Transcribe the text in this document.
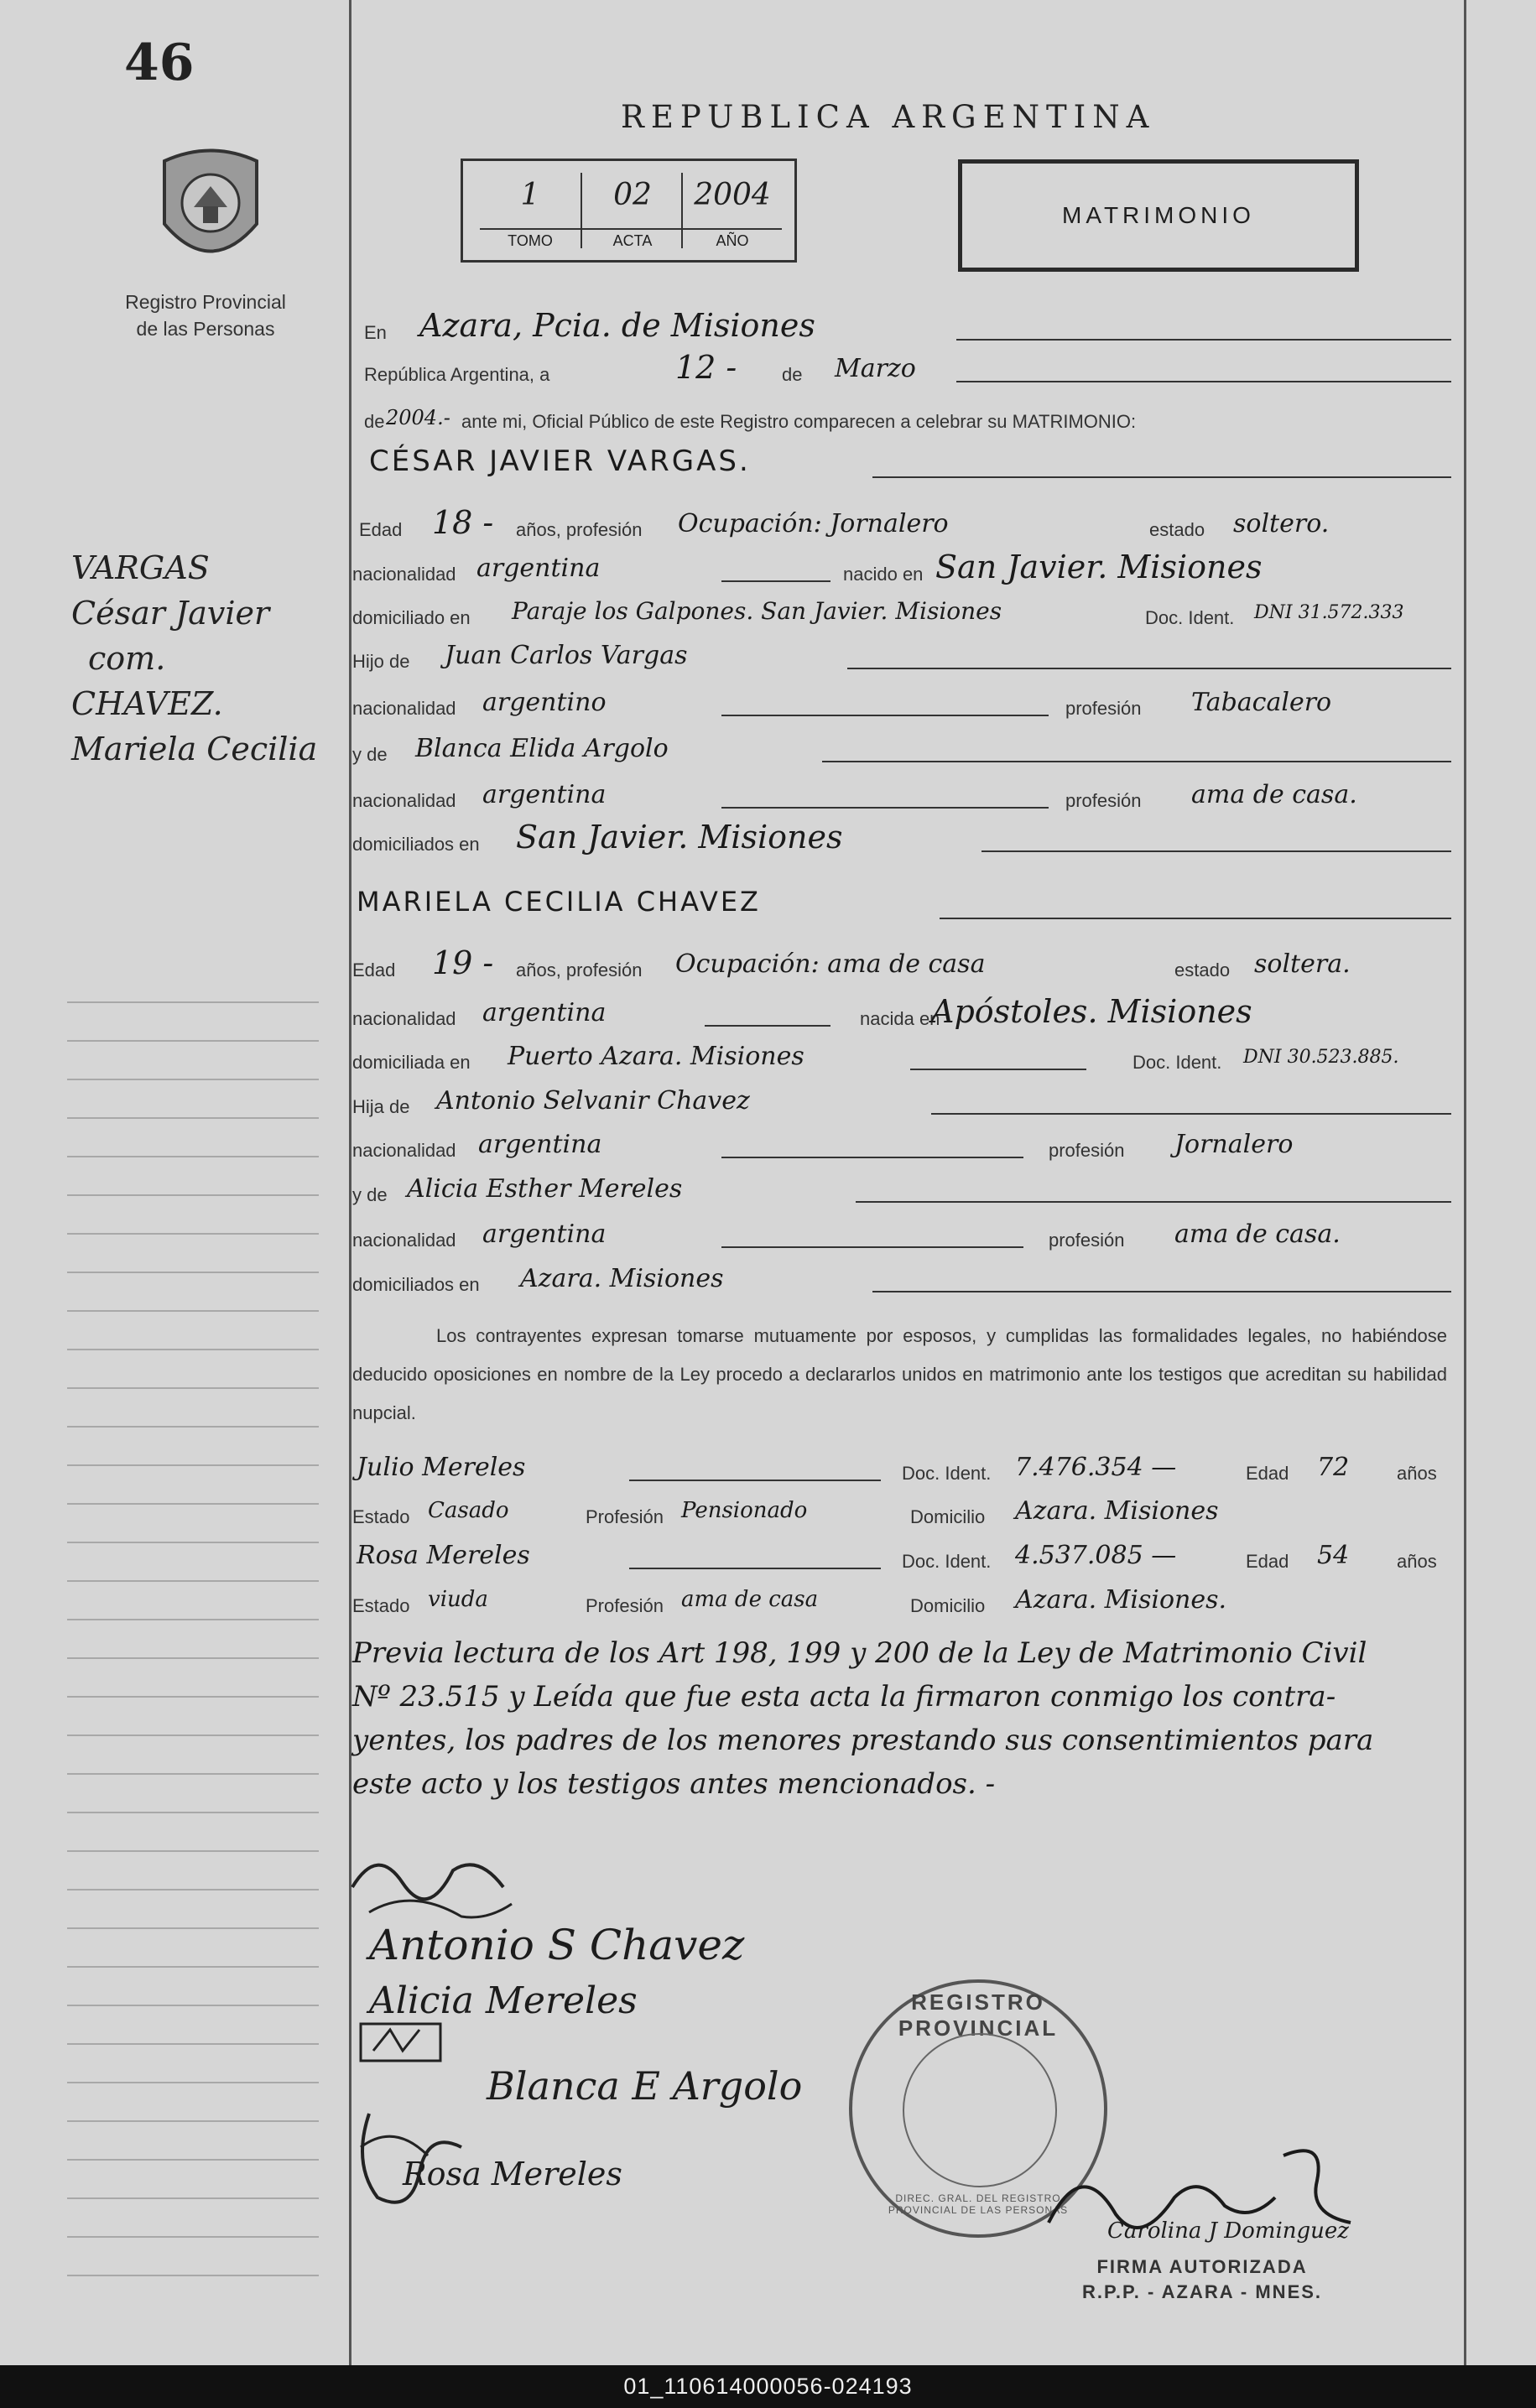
46
Registro Provincial
de las Personas
VARGAS
César Javier
com.
CHAVEZ.
Mariela Cecilia
REPUBLICA ARGENTINA
1
TOMO
02
ACTA
2004
AÑO
MATRIMONIO
En Azara, Pcia. de Misiones
República Argentina, a	12 - de Marzo
de 2004.- ante mi, Oficial Público de este Registro comparecen a celebrar su MATRIMONIO:
CÉSAR JAVIER VARGAS.
Edad 18 - años, profesión Ocupación: Jornalero	estado soltero.
nacionalidad argentina	nacido en San Javier. Misiones
domiciliado en Paraje los Galpones. San Javier. Misiones	Doc. Ident. DNI 31.572.333
Hijo de Juan Carlos Vargas
nacionalidad argentino	profesión Tabacalero
y de Blanca Elida Argolo
nacionalidad argentina	profesión ama de casa.
domiciliados en San Javier. Misiones
MARIELA CECILIA CHAVEZ
Edad 19 - años, profesión Ocupación: ama de casa	estado soltera.
nacionalidad argentina	nacida en
Apóstoles. Misiones
domiciliada en Puerto Azara. Misiones	Doc. Ident. DNI 30.523.885.
Hija de Antonio Selvanir Chavez
nacionalidad argentina	profesión Jornalero
y de Alicia Esther Mereles
nacionalidad argentina	profesión ama de casa.
domiciliados en Azara. Misiones
Los contrayentes expresan tomarse mutuamente por esposos, y cumplidas las formalidades legales, no habiéndose deducido oposiciones en nombre de la Ley procedo a declararlos unidos en matrimonio ante los testigos que acreditan su habilidad nupcial.
Julio Mereles	Doc. Ident. 7.476.354 —	Edad 72	años
Estado Casado	Profesión Pensionado	Domicilio Azara. Misiones
Rosa Mereles	Doc. Ident. 4.537.085 —	Edad 54	años
Estado viuda	Profesión ama de casa	Domicilio Azara. Misiones.
Previa lectura de los Art 198, 199 y 200 de la Ley de Matrimonio Civil
Nº 23.515 y Leída que fue esta acta la firmaron conmigo los contra-
yentes, los padres de los menores prestando sus consentimientos para
este acto y los testigos antes mencionados. -
Antonio S Chavez
Alicia Mereles
Blanca E Argolo
Rosa Mereles
REGISTRO PROVINCIAL
DIREC. GRAL. DEL REGISTRO PROVINCIAL DE LAS PERSONAS
Carolina J Dominguez
FIRMA AUTORIZADA
R.P.P. - AZARA - MNES.
01_110614000056-024193
